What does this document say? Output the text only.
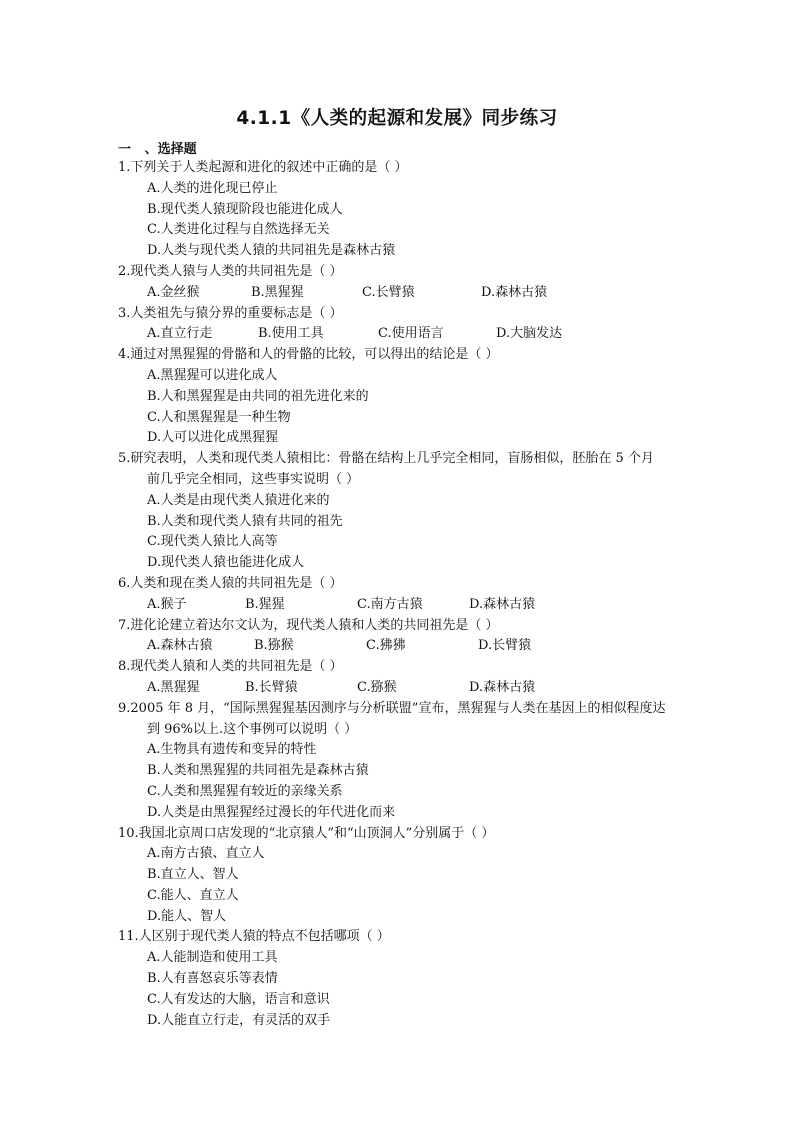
4.1.1《人类的起源和发展》同步练习
一   、选择题
1.下列关于人类起源和进化的叙述中正确的是（ ）
A.人类的进化现已停止
B.现代类人猿现阶段也能进化成人
C.人类进化过程与自然选择无关
D.人类与现代类人猿的共同祖先是森林古猿
2.现代类人猿与人类的共同祖先是（ ）
A.金丝猴	B.黑猩猩	C.长臂猿	D.森林古猿
3.人类祖先与猿分界的重要标志是（ ）
A.直立行走	B.使用工具	C.使用语言	D.大脑发达
4.通过对黑猩猩的骨骼和人的骨骼的比较，可以得出的结论是（ ）
A.黑猩猩可以进化成人
B.人和黑猩猩是由共同的祖先进化来的
C.人和黑猩猩是一种生物
D.人可以进化成黑猩猩
5.研究表明，人类和现代类人猿相比：骨骼在结构上几乎完全相同，盲肠相似，胚胎在 5 个月
前几乎完全相同，这些事实说明（ ）
A.人类是由现代类人猿进化来的
B.人类和现代类人猿有共同的祖先
C.现代类人猿比人高等
D.现代类人猿也能进化成人
6.人类和现在类人猿的共同祖先是（ ）
A.猴子	B.猩猩	C.南方古猿	D.森林古猿
7.进化论建立着达尔文认为，现代类人猿和人类的共同祖先是（ ）
A.森林古猿	B.猕猴	C.狒狒	D.长臂猿
8.现代类人猿和人类的共同祖先是（ ）
A.黑猩猩	B.长臂猿	C.猕猴	D.森林古猿
9.2005 年 8 月，“国际黑猩猩基因测序与分析联盟”宣布，黑猩猩与人类在基因上的相似程度达
到 96%以上.这个事例可以说明（ ）
A.生物具有遗传和变异的特性
B.人类和黑猩猩的共同祖先是森林古猿
C.人类和黑猩猩有较近的亲缘关系
D.人类是由黑猩猩经过漫长的年代进化而来
10.我国北京周口店发现的“北京猿人”和“山顶洞人”分别属于（ ）
A.南方古猿、直立人
B.直立人、智人
C.能人、直立人
D.能人、智人
11.人区别于现代类人猿的特点不包括哪项（ ）
A.人能制造和使用工具
B.人有喜怒哀乐等表情
C.人有发达的大脑，语言和意识
D.人能直立行走，有灵活的双手
